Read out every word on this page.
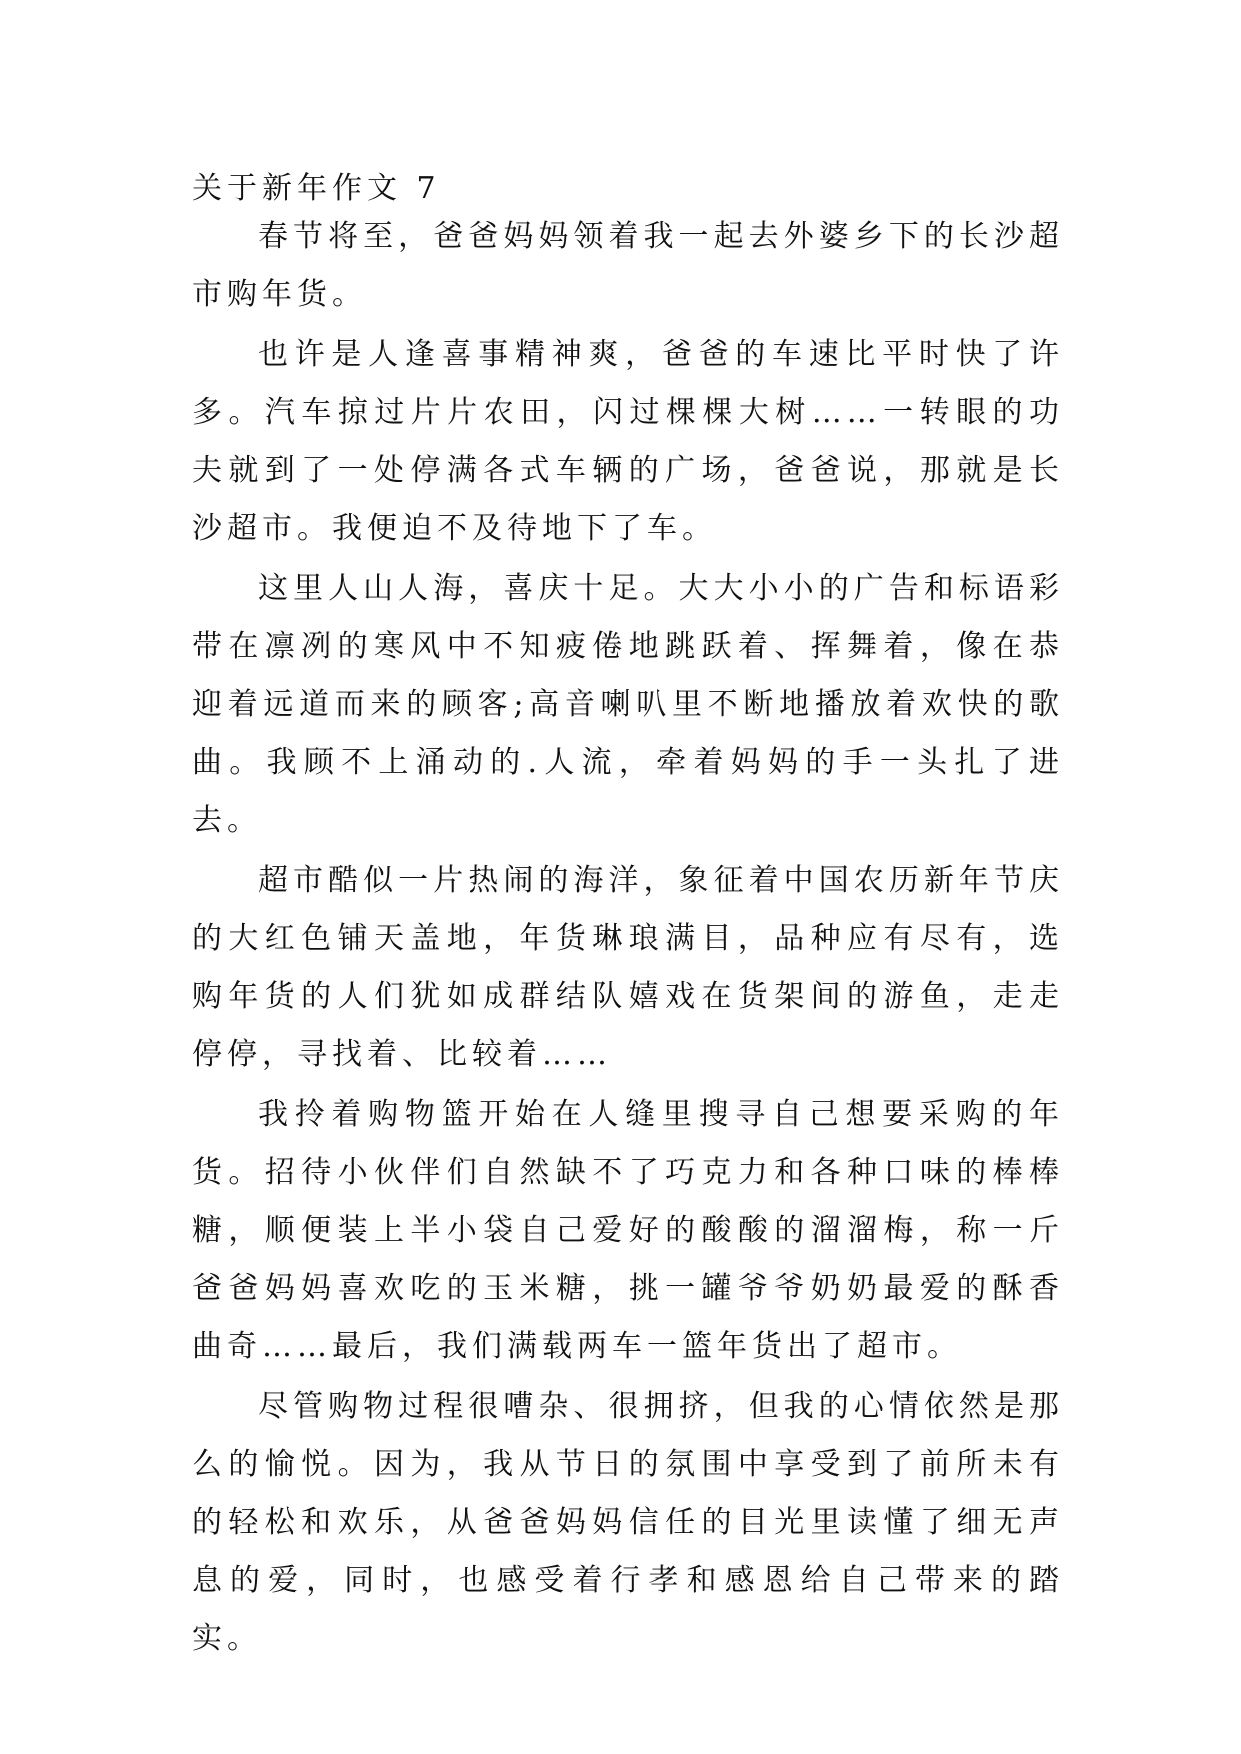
关于新年作文 7

春节将至，爸爸妈妈领着我一起去外婆乡下的长沙超市购年货。

也许是人逢喜事精神爽，爸爸的车速比平时快了许多。汽车掠过片片农田，闪过棵棵大树……一转眼的功夫就到了一处停满各式车辆的广场，爸爸说，那就是长沙超市。我便迫不及待地下了车。

这里人山人海，喜庆十足。大大小小的广告和标语彩带在凛冽的寒风中不知疲倦地跳跃着、挥舞着，像在恭迎着远道而来的顾客;高音喇叭里不断地播放着欢快的歌曲。我顾不上涌动的.人流，牵着妈妈的手一头扎了进去。

超市酷似一片热闹的海洋，象征着中国农历新年节庆的大红色铺天盖地，年货琳琅满目，品种应有尽有，选购年货的人们犹如成群结队嬉戏在货架间的游鱼，走走停停，寻找着、比较着……

我拎着购物篮开始在人缝里搜寻自己想要采购的年货。招待小伙伴们自然缺不了巧克力和各种口味的棒棒糖，顺便装上半小袋自己爱好的酸酸的溜溜梅，称一斤爸爸妈妈喜欢吃的玉米糖，挑一罐爷爷奶奶最爱的酥香曲奇……最后，我们满载两车一篮年货出了超市。

尽管购物过程很嘈杂、很拥挤，但我的心情依然是那么的愉悦。因为，我从节日的氛围中享受到了前所未有的轻松和欢乐，从爸爸妈妈信任的目光里读懂了细无声息的爱，同时，也感受着行孝和感恩给自己带来的踏实。
